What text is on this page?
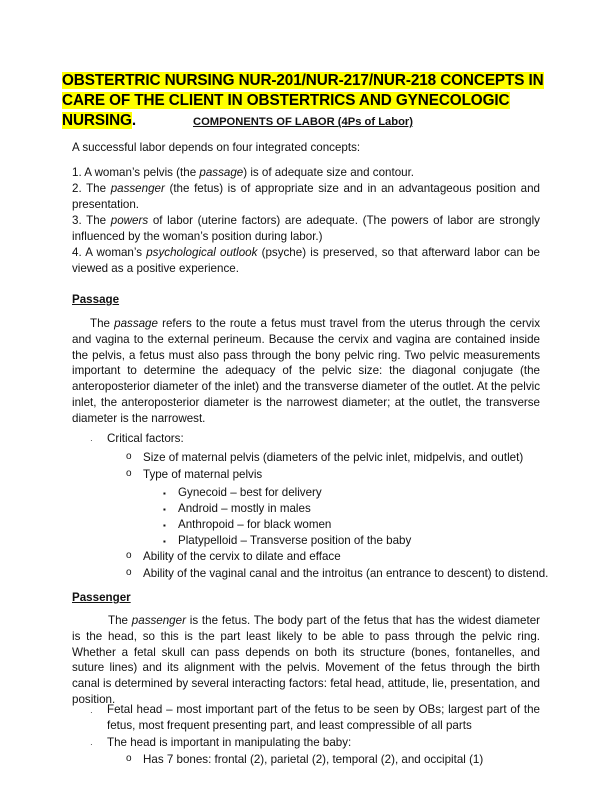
OBSTERTRIC NURSING NUR-201/NUR-217/NUR-218 CONCEPTS IN
CARE OF THE CLIENT IN OBSTERTRICS AND GYNECOLOGIC NURSING.	COMPONENTS OF LABOR (4Ps of Labor)
A successful labor depends on four integrated concepts:
1. A woman’s pelvis (the passage) is of adequate size and contour.
2. The passenger (the fetus) is of appropriate size and in an advantageous position and presentation.
3. The powers of labor (uterine factors) are adequate. (The powers of labor are strongly influenced by the woman’s position during labor.)
4. A woman’s psychological outlook (psyche) is preserved, so that afterward labor can be viewed as a positive experience.
Passage
The passage refers to the route a fetus must travel from the uterus through the cervix and vagina to the external perineum. Because the cervix and vagina are contained inside the pelvis, a fetus must also pass through the bony pelvic ring. Two pelvic measurements important to determine the adequacy of the pelvic size: the diagonal conjugate (the anteroposterior diameter of the inlet) and the transverse diameter of the outlet. At the pelvic inlet, the anteroposterior diameter is the narrowest diameter; at the outlet, the transverse diameter is the narrowest.
· Critical factors:
o Size of maternal pelvis (diameters of the pelvic inlet, midpelvis, and outlet)
o Type of maternal pelvis
▪ Gynecoid – best for delivery
▪ Android – mostly in males
▪ Anthropoid – for black women
▪ Platypelloid – Transverse position of the baby
o Ability of the cervix to dilate and efface
o Ability of the vaginal canal and the introitus (an entrance to descent) to distend.
Passenger
The passenger is the fetus. The body part of the fetus that has the widest diameter is the head, so this is the part least likely to be able to pass through the pelvic ring. Whether a fetal skull can pass depends on both its structure (bones, fontanelles, and suture lines) and its alignment with the pelvis. Movement of the fetus through the birth canal is determined by several interacting factors: fetal head, attitude, lie, presentation, and position.
· Fetal head – most important part of the fetus to be seen by OBs; largest part of the fetus, most frequent presenting part, and least compressible of all parts
· The head is important in manipulating the baby:
o Has 7 bones: frontal (2), parietal (2), temporal (2), and occipital (1)
